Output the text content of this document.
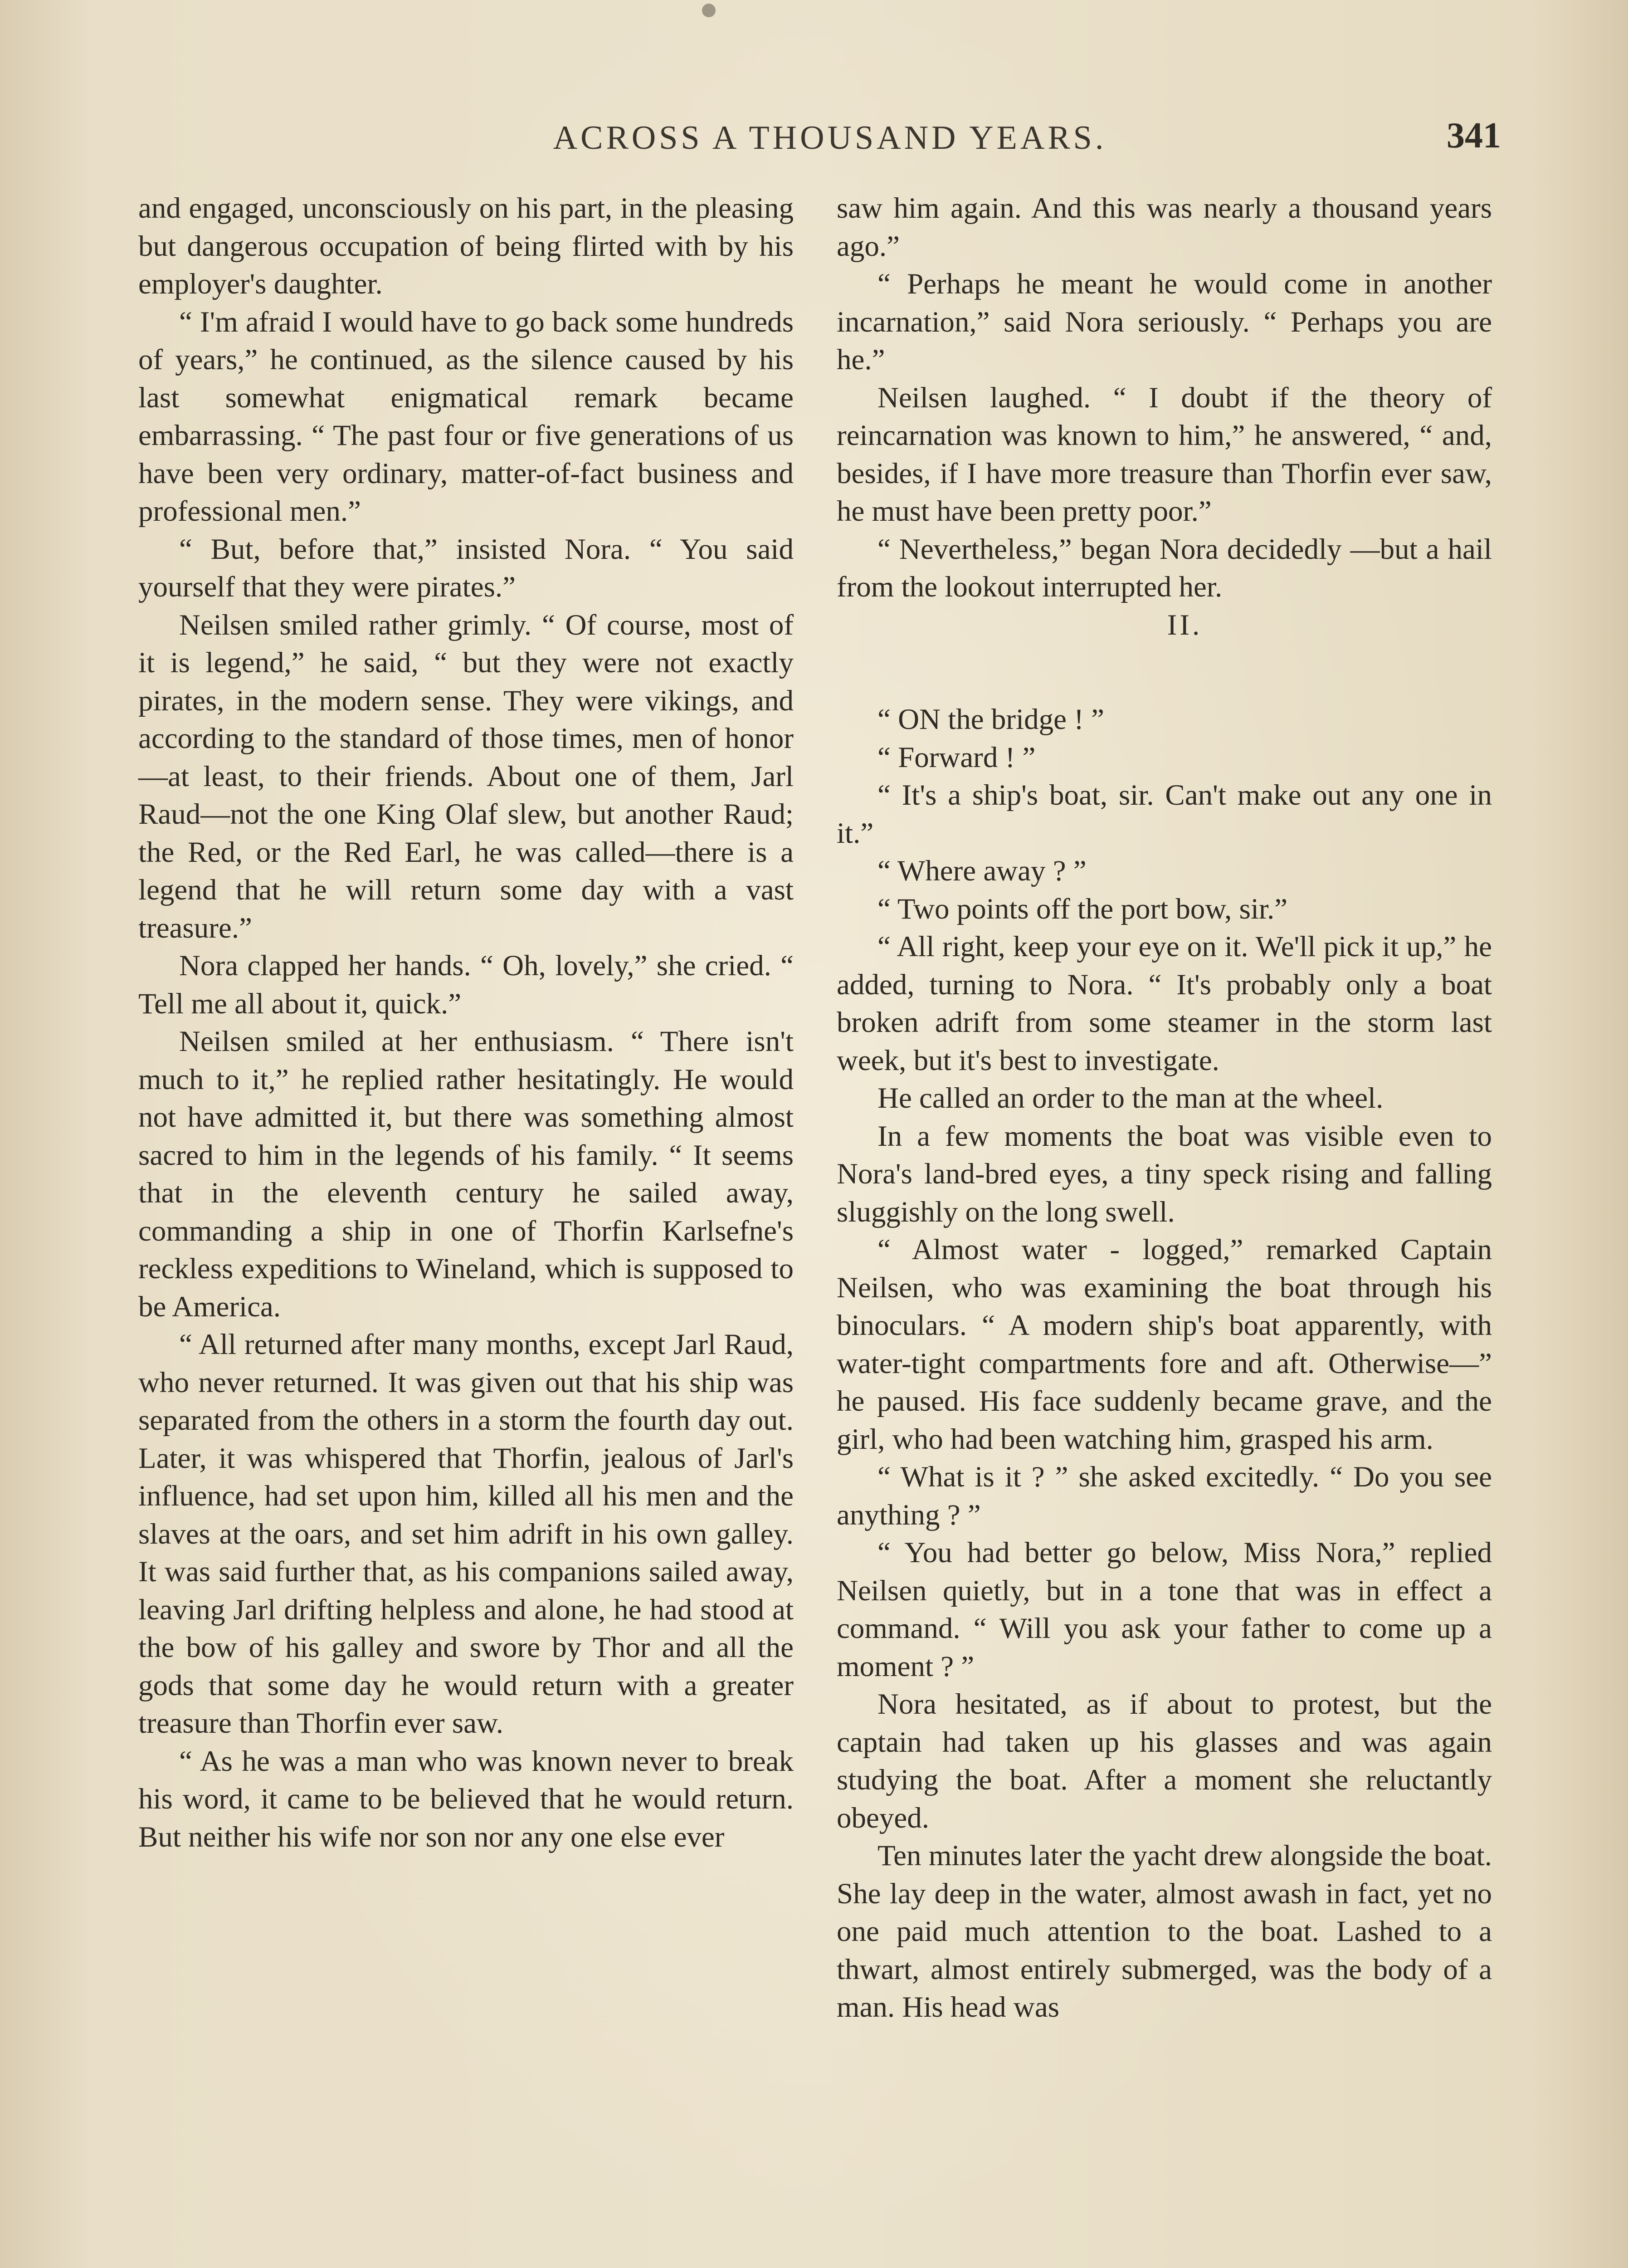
ACROSS A THOUSAND YEARS.	341

and engaged, unconsciously on his part, in the pleasing but dangerous occupation of being flirted with by his employer's daughter.

“ I'm afraid I would have to go back some hundreds of years,” he continued, as the silence caused by his last somewhat enigmatical remark became embarrassing. “ The past four or five generations of us have been very ordinary, matter-of-fact business and professional men.”

“ But, before that,” insisted Nora. “ You said yourself that they were pirates.”

Neilsen smiled rather grimly. “ Of course, most of it is legend,” he said, “ but they were not exactly pirates, in the modern sense. They were vikings, and according to the standard of those times, men of honor—at least, to their friends. About one of them, Jarl Raud—not the one King Olaf slew, but another Raud; the Red, or the Red Earl, he was called—there is a legend that he will return some day with a vast treasure.”

Nora clapped her hands. “ Oh, lovely,” she cried. “ Tell me all about it, quick.”

Neilsen smiled at her enthusiasm. “ There isn't much to it,” he replied rather hesitatingly. He would not have admitted it, but there was something almost sacred to him in the legends of his family. “ It seems that in the eleventh century he sailed away, commanding a ship in one of Thorfin Karlsefne's reckless expeditions to Wineland, which is supposed to be America.

“ All returned after many months, except Jarl Raud, who never returned. It was given out that his ship was separated from the others in a storm the fourth day out. Later, it was whispered that Thorfin, jealous of Jarl's influence, had set upon him, killed all his men and the slaves at the oars, and set him adrift in his own galley. It was said further that, as his companions sailed away, leaving Jarl drifting helpless and alone, he had stood at the bow of his galley and swore by Thor and all the gods that some day he would return with a greater treasure than Thorfin ever saw.

“ As he was a man who was known never to break his word, it came to be believed that he would return. But neither his wife nor son nor any one else ever

saw him again. And this was nearly a thousand years ago.”

“ Perhaps he meant he would come in another incarnation,” said Nora seriously. “ Perhaps you are he.”

Neilsen laughed. “ I doubt if the theory of reincarnation was known to him,” he answered, “ and, besides, if I have more treasure than Thorfin ever saw, he must have been pretty poor.”

“ Nevertheless,” began Nora decidedly —but a hail from the lookout interrupted her.

II.

“ ON the bridge ! ”

“ Forward ! ”

“ It's a ship's boat, sir. Can't make out any one in it.”

“ Where away ? ”

“ Two points off the port bow, sir.”

“ All right, keep your eye on it. We'll pick it up,” he added, turning to Nora. “ It's probably only a boat broken adrift from some steamer in the storm last week, but it's best to investigate.

He called an order to the man at the wheel.

In a few moments the boat was visible even to Nora's land-bred eyes, a tiny speck rising and falling sluggishly on the long swell.

“ Almost water - logged,” remarked Captain Neilsen, who was examining the boat through his binoculars. “ A modern ship's boat apparently, with water-tight compartments fore and aft. Otherwise—” he paused. His face suddenly became grave, and the girl, who had been watching him, grasped his arm.

“ What is it ? ” she asked excitedly. “ Do you see anything ? ”

“ You had better go below, Miss Nora,” replied Neilsen quietly, but in a tone that was in effect a command. “ Will you ask your father to come up a moment ? ”

Nora hesitated, as if about to protest, but the captain had taken up his glasses and was again studying the boat. After a moment she reluctantly obeyed.

Ten minutes later the yacht drew alongside the boat. She lay deep in the water, almost awash in fact, yet no one paid much attention to the boat. Lashed to a thwart, almost entirely submerged, was the body of a man. His head was
